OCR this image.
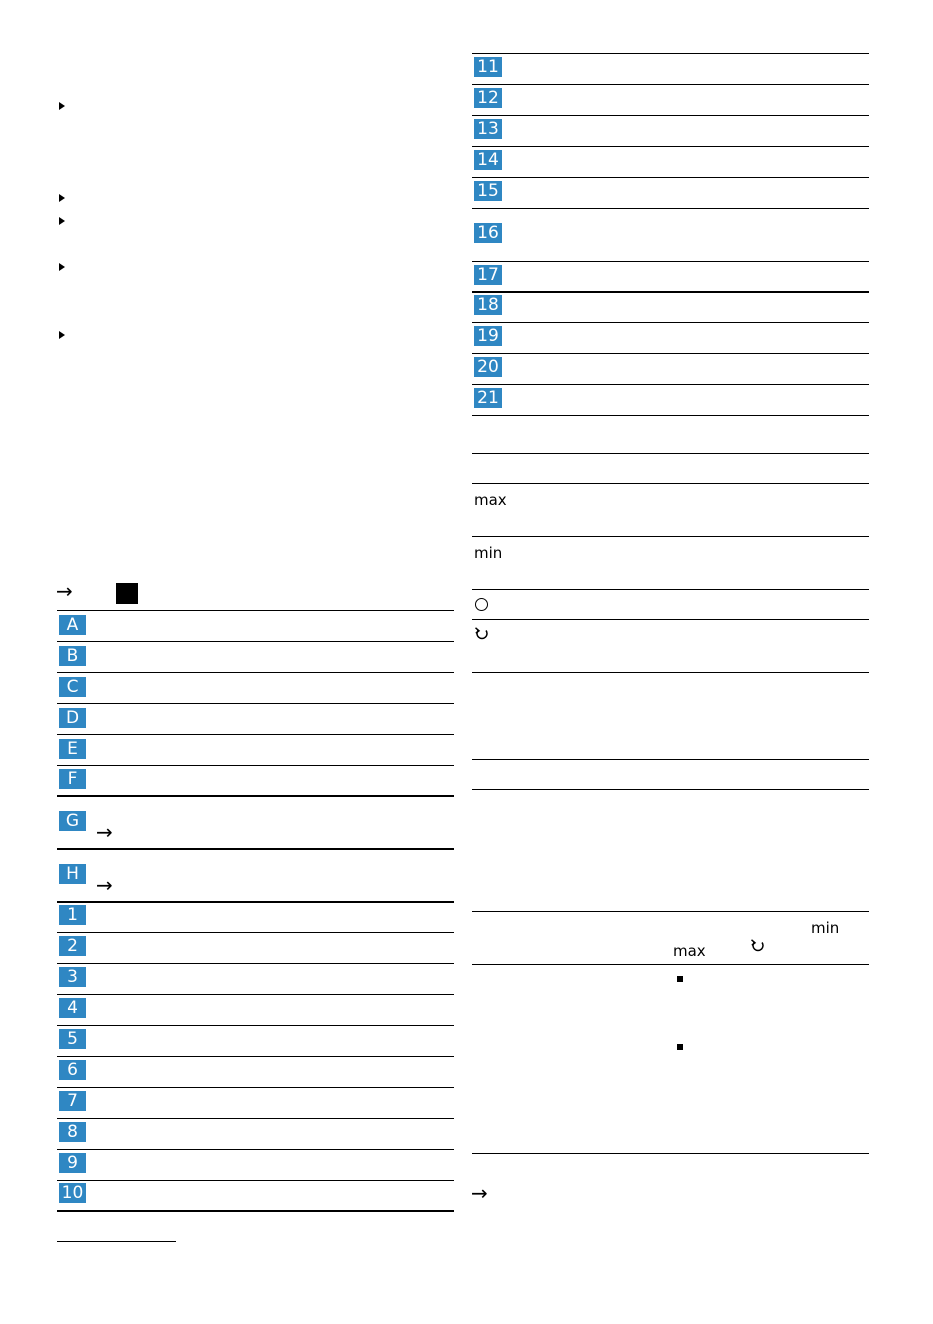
→
A
B
C
D
E
F
G →
H →
1
2
3
4
5
6
7
8
9
10
11
12
13
14
15
16
17
18
19
20
21
max
min
min
max
→
